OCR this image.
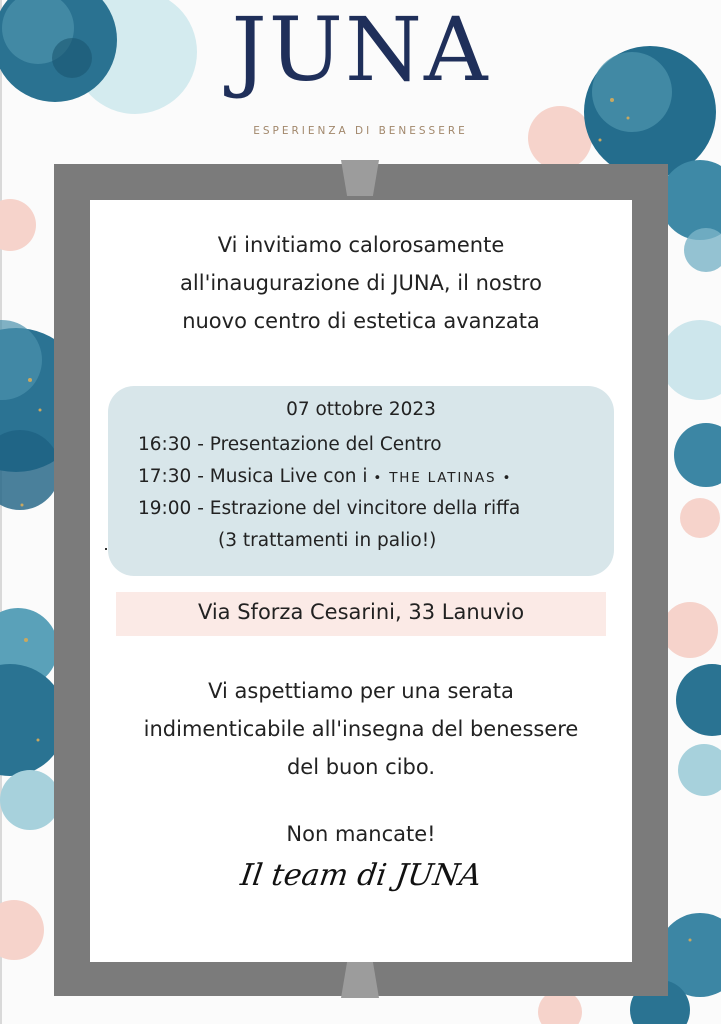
JUNA
ESPERIENZA DI BENESSERE
Vi invitiamo calorosamente
all'inaugurazione di JUNA, il nostro
nuovo centro di estetica avanzata
07 ottobre 2023
16:30 - Presentazione del Centro
17:30 - Musica Live con i • THE LATINAS •
19:00 - Estrazione del vincitore della riffa
(3 trattamenti in palio!)
Via Sforza Cesarini, 33 Lanuvio
Vi aspettiamo per una serata
indimenticabile all'insegna del benessere
del buon cibo.
Non mancate!
Il team di JUNA
